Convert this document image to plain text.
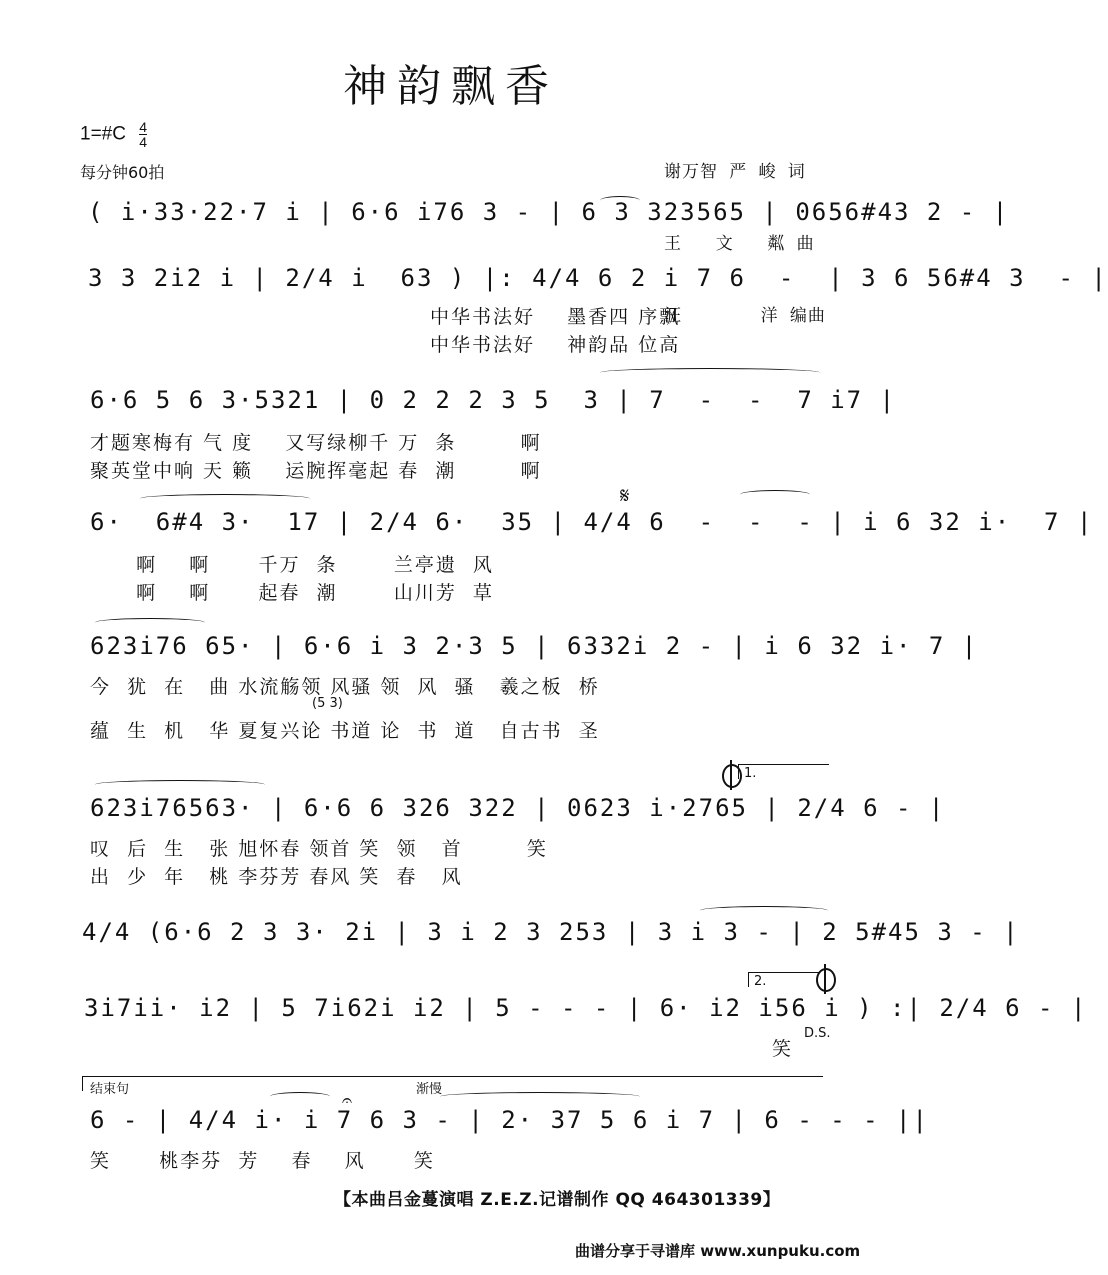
神韵飘香
1=#C $\frac{4}{4}$
每分钟60拍

	谢万智 严 峻 词

王   文   粼 曲

汪       洋 编曲

( i·33·22·7 i | 6·6 i76 3 - | 6 3 323565 | 0656#43 2 - |
3 3 2i2 i | 2/4 i  63 ) |: 4/4 6 2 i 7 6  -  | 3 6 56#4 3  - |
中华书法好    墨香四 序飘
中华书法好    神韵品 位高
6·6 5 6 3·5321 | 0 2 2 2 3 5  3 | 7  -  -  7 i7 |
才题寒梅有 气 度    又写绿柳千 万  条        啊
聚英堂中响 天 籁    运腕挥毫起 春  潮        啊
6·  6#4 3·  17 | 2/4 6·  35 | 4/4 6  -  -  - | i 6 32 i·  7 |
𝄋
啊    啊      千万  条       兰亭遗  风
啊    啊      起春  潮       山川芳  草
623i76 65· | 6·6 i 3 2·3 5 | 6332i 2 - | i 6 32 i· 7 |
今  犹  在   曲 水流觞领 风骚 领  风  骚   羲之板  桥
(5 3)
蕴  生  机   华 夏复兴论 书道 论  书  道   自古书  圣
623i76563· | 6·6 6 326 322 | 0623 i·2765 | 2/4 6 - |
1.
叹  后  生   张 旭怀春 领首 笑  领   首        笑
出  少  年   桃 李芬芳 春风 笑  春   风
4/4 (6·6 2 3 3· 2i | 3 i 2 3 253 | 3 i 3 - | 2 5#45 3 - |
3i7ii· i2 | 5 7i62i i2 | 5 - - - | 6· i2 i56 i ) :| 2/4 6 - |
2.
笑
D.S.
结束句	渐慢
𝄐
6 - | 4/4 i· i 7 6 3 - | 2· 37 5 6 i 7 | 6 - - - ||
笑      桃李芬  芳    春    风      笑
【本曲吕金蔓演唱 Z.E.Z.记谱制作 QQ 464301339】
曲谱分享于寻谱库 www.xunpuku.com
